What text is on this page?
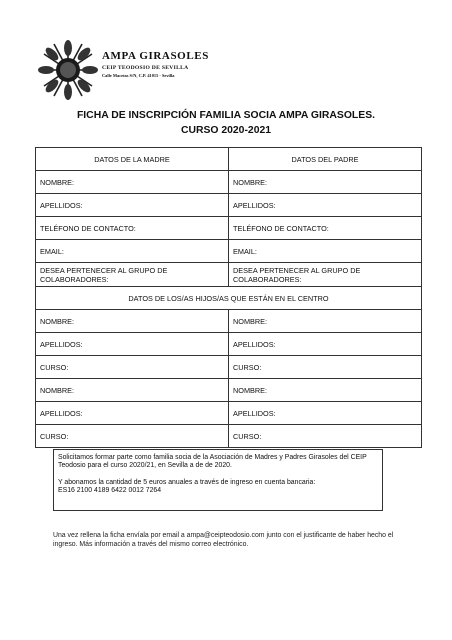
AMPA GIRASOLES
CEIP TEODOSIO DE SEVILLA
Calle Macetas S/N, C.P. 41015 - Sevilla
FICHA DE INSCRIPCIÓN FAMILIA SOCIA AMPA GIRASOLES.
CURSO 2020-2021
DATOS DE LA MADRE	DATOS DEL PADRE
NOMBRE:	NOMBRE:
APELLIDOS:	APELLIDOS:
TELÉFONO DE CONTACTO:	TELÉFONO DE CONTACTO:
EMAIL:	EMAIL:
DESEA PERTENECER AL GRUPO DE COLABORADORES:	DESEA PERTENECER AL GRUPO DE COLABORADORES:
DATOS DE LOS/AS HIJOS/AS QUE ESTÁN EN EL CENTRO	
NOMBRE:	NOMBRE:
APELLIDOS:	APELLIDOS:
CURSO:	CURSO:
NOMBRE:	NOMBRE:
APELLIDOS:	APELLIDOS:
CURSO:	CURSO:

Solicitamos formar parte como familia socia de la Asociación de Madres y Padres Girasoles del CEIP Teodosio para el curso 2020/21, en Sevilla a de de 2020.

Y abonamos la cantidad de 5 euros anuales a través de ingreso en cuenta bancaria:

ES16 2100 4189 6422 0012 7264

Una vez rellena la ficha envíala por email a ampa@ceipteodosio.com junto con el justificante de haber hecho el ingreso. Más información a través del mismo correo electrónico.
